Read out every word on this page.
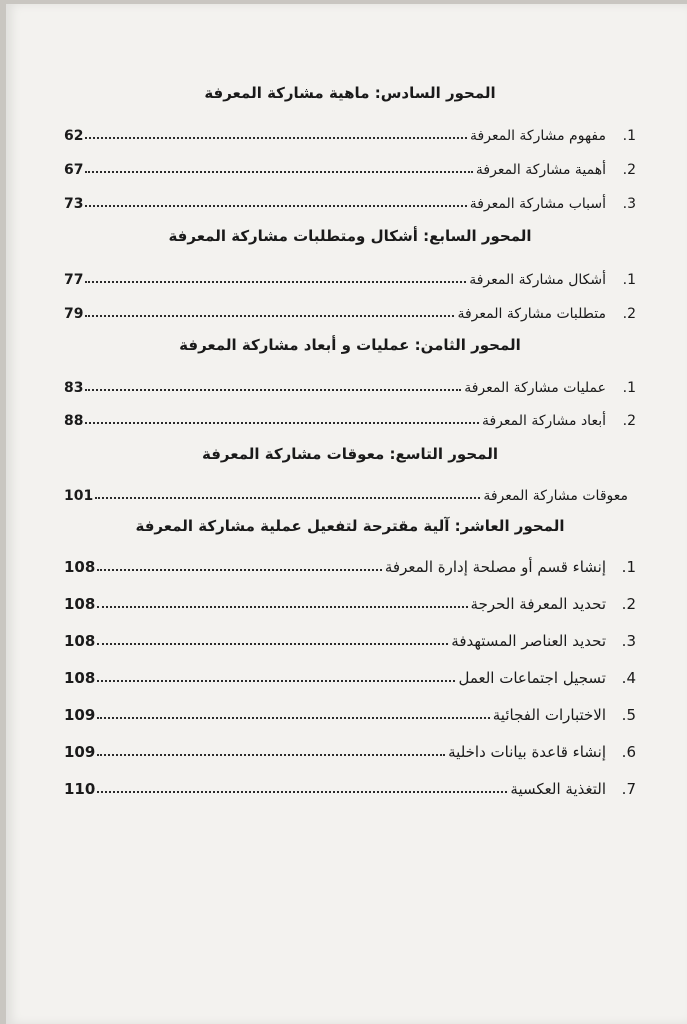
المحور السادس: ماهية مشاركة المعرفة
1.
مفهوم مشاركة المعرفة
62
2.
أهمية مشاركة المعرفة
67
3.
أسباب مشاركة المعرفة
73
المحور السابع: أشكال ومتطلبات مشاركة المعرفة
1.
أشكال مشاركة المعرفة
77
2.
متطلبات مشاركة المعرفة
79
المحور الثامن: عمليات و أبعاد مشاركة المعرفة
1.
عمليات مشاركة المعرفة
83
2.
أبعاد مشاركة المعرفة
88
المحور التاسع: معوقات مشاركة المعرفة
معوقات مشاركة المعرفة
101
المحور العاشر: آلية مقترحة لتفعيل عملية مشاركة المعرفة
1.
إنشاء قسم أو مصلحة إدارة المعرفة
108
2.
تحديد المعرفة الحرجة
108
3.
تحديد العناصر المستهدفة
108
4.
تسجيل اجتماعات العمل
108
5.
الاختبارات الفجائية
109
6.
إنشاء قاعدة بيانات داخلية
109
7.
التغذية العكسية
110
